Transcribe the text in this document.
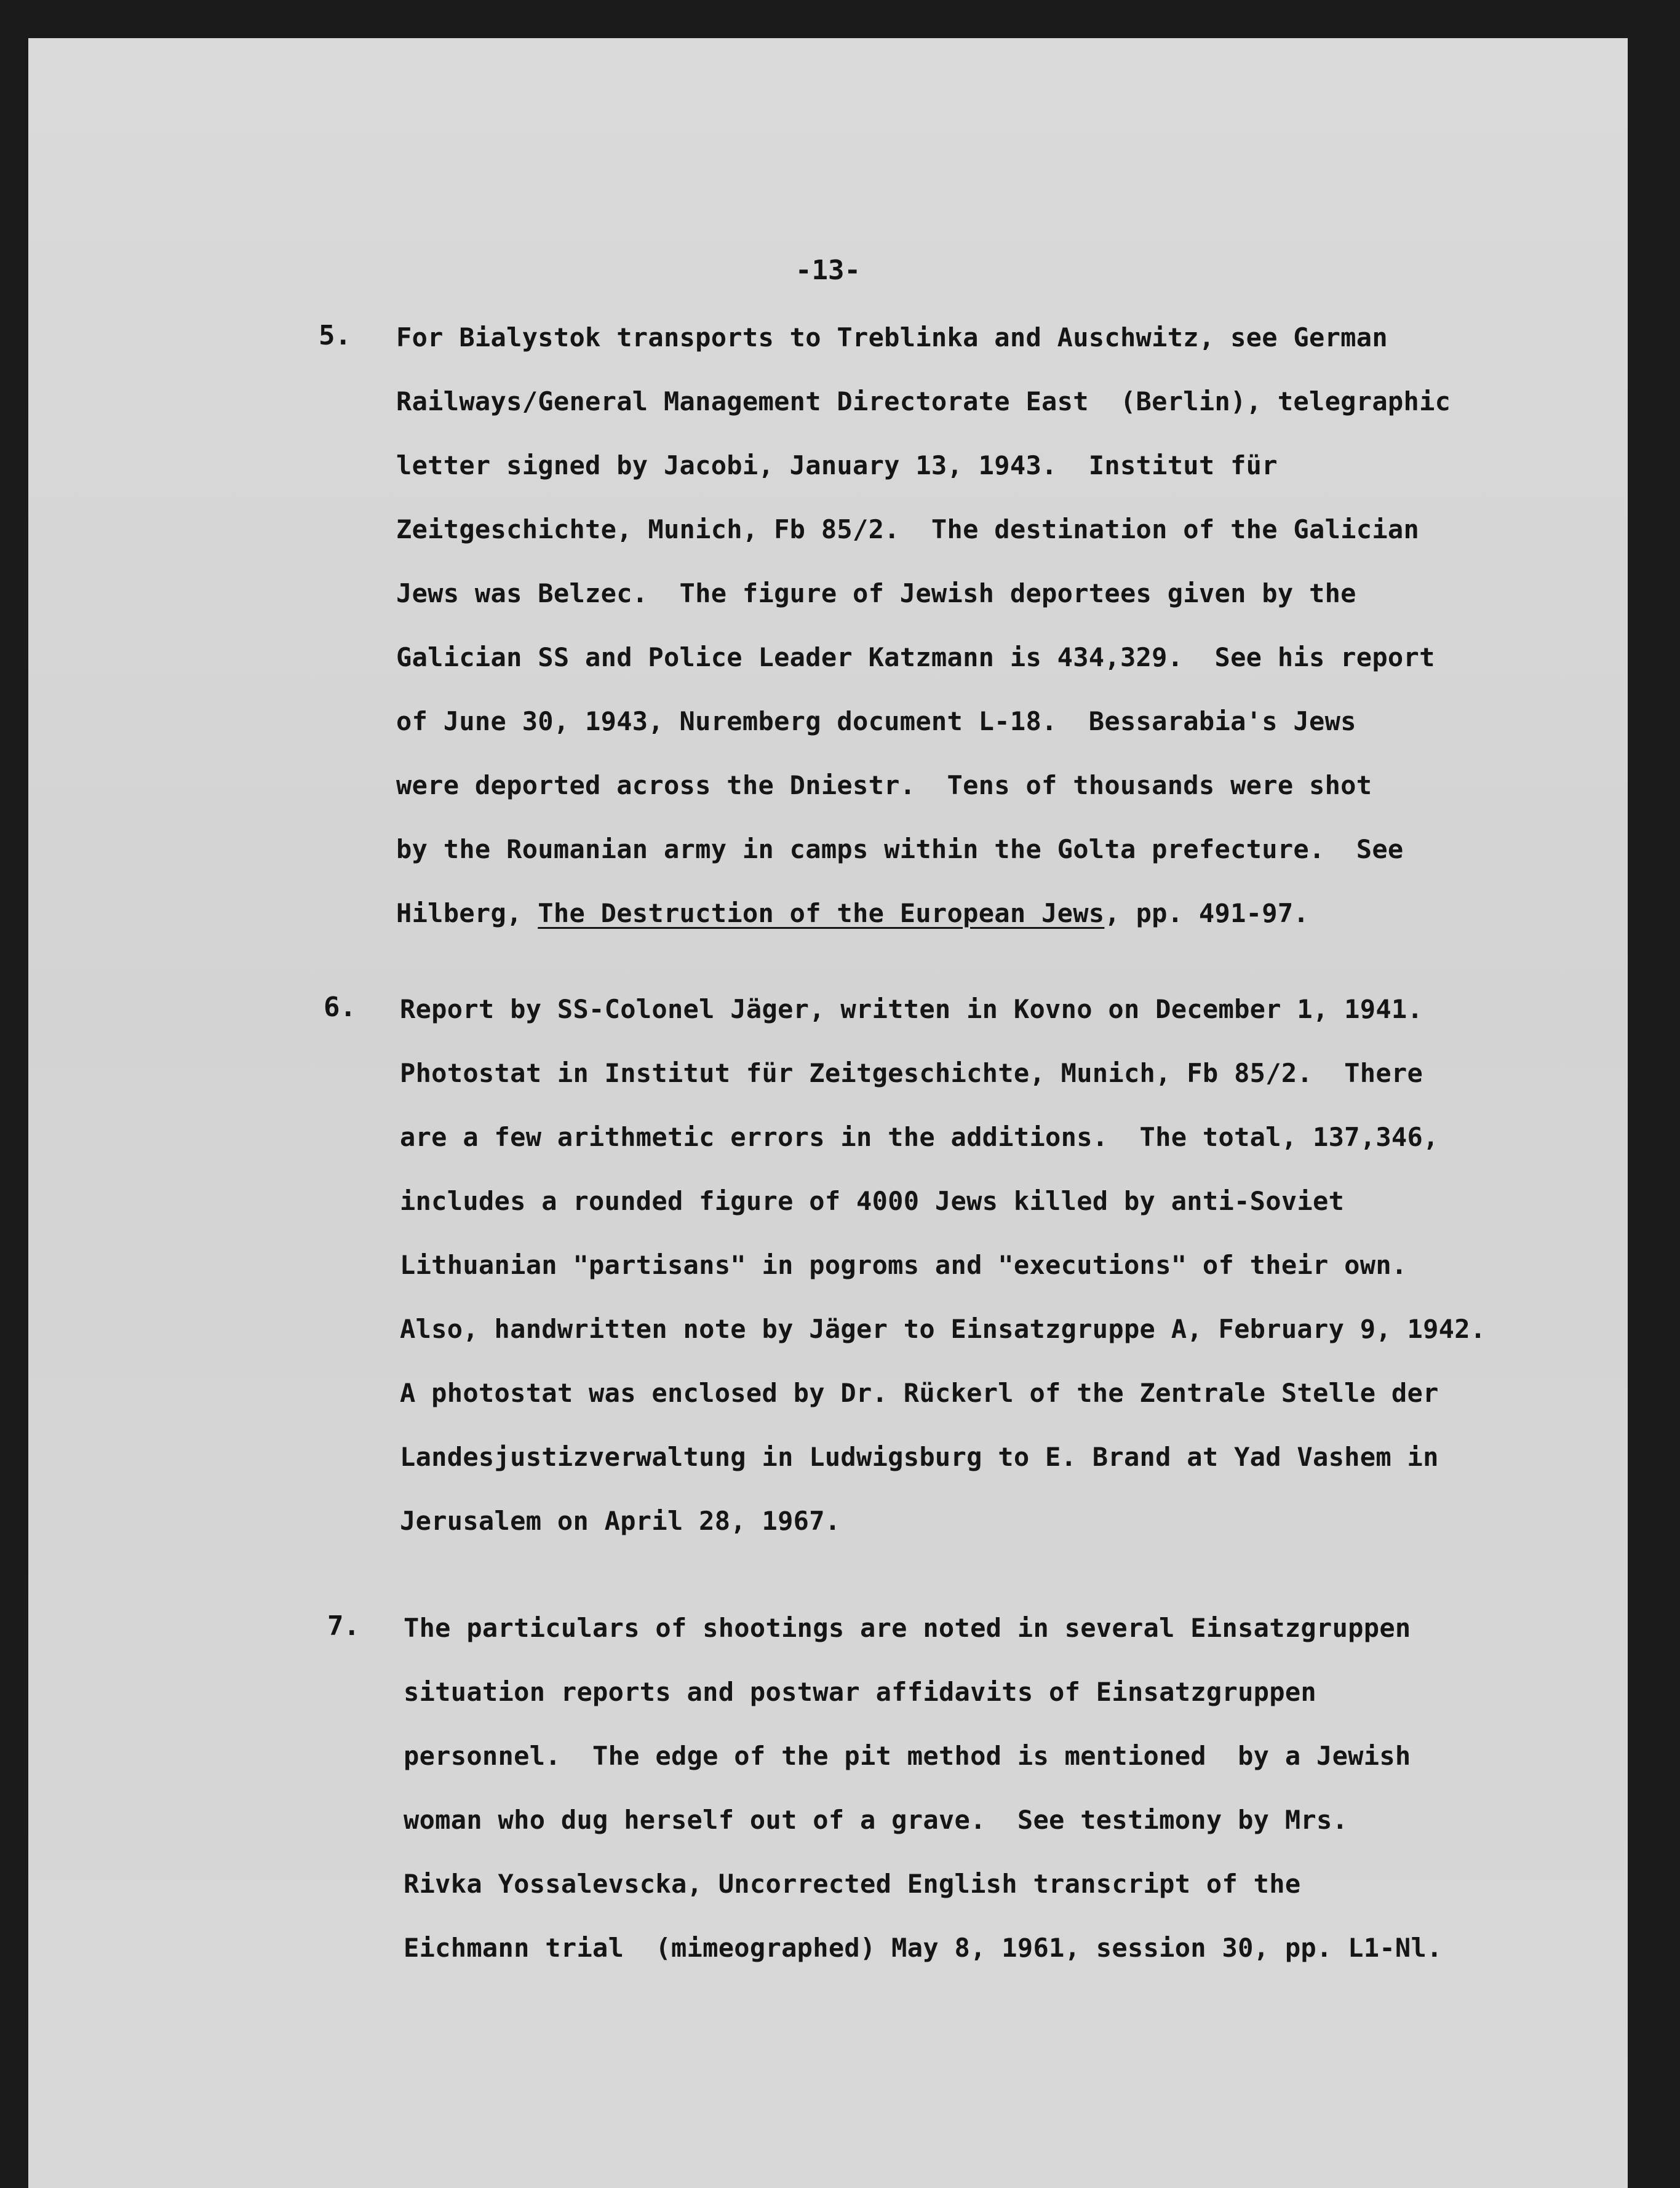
-13-
5. For Bialystok transports to Treblinka and Auschwitz, see German
Railways/General Management Directorate East  (Berlin), telegraphic
letter signed by Jacobi, January 13, 1943.  Institut für
Zeitgeschichte, Munich, Fb 85/2.  The destination of the Galician
Jews was Belzec.  The figure of Jewish deportees given by the
Galician SS and Police Leader Katzmann is 434,329.  See his report
of June 30, 1943, Nuremberg document L-18.  Bessarabia's Jews
were deported across the Dniestr.  Tens of thousands were shot
by the Roumanian army in camps within the Golta prefecture.  See
Hilberg, The Destruction of the European Jews, pp. 491-97.
6. Report by SS-Colonel Jäger, written in Kovno on December 1, 1941.
Photostat in Institut für Zeitgeschichte, Munich, Fb 85/2.  There
are a few arithmetic errors in the additions.  The total, 137,346,
includes a rounded figure of 4000 Jews killed by anti-Soviet
Lithuanian "partisans" in pogroms and "executions" of their own.
Also, handwritten note by Jäger to Einsatzgruppe A, February 9, 1942.
A photostat was enclosed by Dr. Rückerl of the Zentrale Stelle der
Landesjustizverwaltung in Ludwigsburg to E. Brand at Yad Vashem in
Jerusalem on April 28, 1967.
7. The particulars of shootings are noted in several Einsatzgruppen
situation reports and postwar affidavits of Einsatzgruppen
personnel.  The edge of the pit method is mentioned  by a Jewish
woman who dug herself out of a grave.  See testimony by Mrs.
Rivka Yossalevscka, Uncorrected English transcript of the
Eichmann trial  (mimeographed) May 8, 1961, session 30, pp. L1-Nl.
